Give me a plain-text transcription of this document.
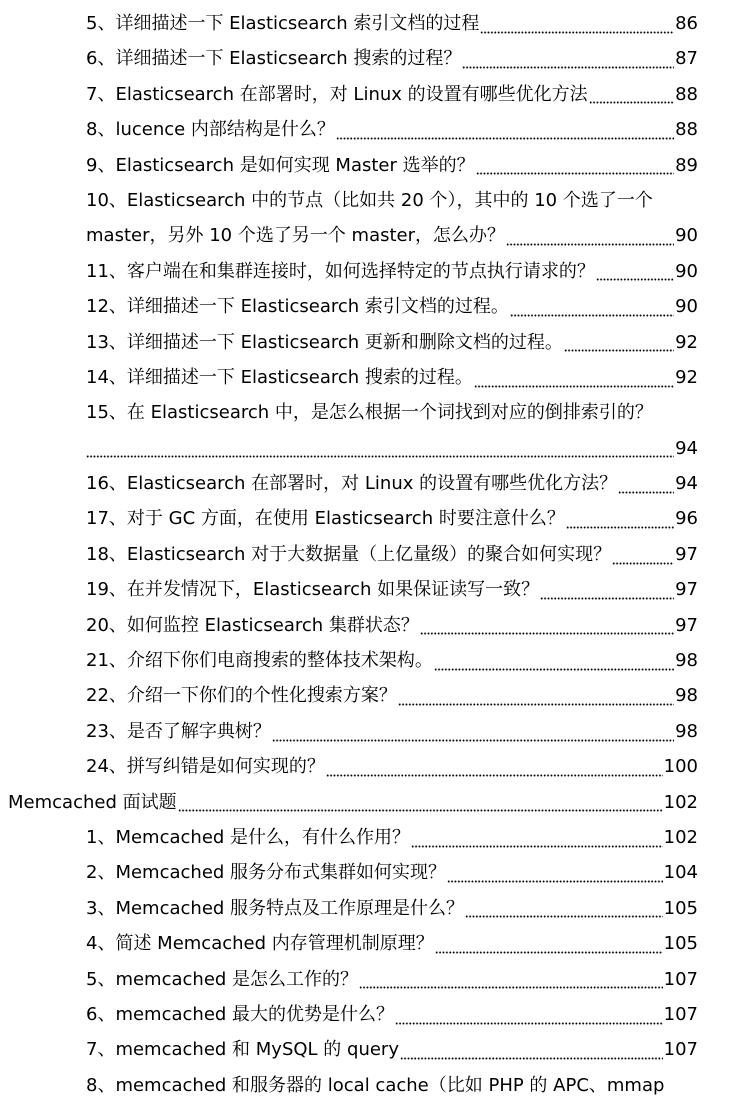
5、详细描述一下 Elasticsearch 索引文档的过程	86
6、详细描述一下 Elasticsearch 搜索的过程？	87
7、Elasticsearch 在部署时，对 Linux 的设置有哪些优化方法	88
8、lucence 内部结构是什么？	88
9、Elasticsearch 是如何实现 Master 选举的？	89
10、Elasticsearch 中的节点（比如共 20 个），其中的 10 个选了一个
master，另外 10 个选了另一个 master，怎么办？	90
11、客户端在和集群连接时，如何选择特定的节点执行请求的？	90
12、详细描述一下 Elasticsearch 索引文档的过程。	90
13、详细描述一下 Elasticsearch 更新和删除文档的过程。	92
14、详细描述一下 Elasticsearch 搜索的过程。	92
15、在 Elasticsearch 中，是怎么根据一个词找到对应的倒排索引的？
94
16、Elasticsearch 在部署时，对 Linux 的设置有哪些优化方法？	94
17、对于 GC 方面，在使用 Elasticsearch 时要注意什么？	96
18、Elasticsearch 对于大数据量（上亿量级）的聚合如何实现？	97
19、在并发情况下，Elasticsearch 如果保证读写一致？	97
20、如何监控 Elasticsearch 集群状态？	97
21、介绍下你们电商搜索的整体技术架构。	98
22、介绍一下你们的个性化搜索方案？	98
23、是否了解字典树？	98
24、拼写纠错是如何实现的？	100
Memcached 面试题	102
1、Memcached 是什么，有什么作用？	102
2、Memcached 服务分布式集群如何实现？	104
3、Memcached 服务特点及工作原理是什么？	105
4、简述 Memcached 内存管理机制原理？	105
5、memcached 是怎么工作的？	107
6、memcached 最大的优势是什么？	107
7、memcached 和 MySQL 的 query	107
8、memcached 和服务器的 local cache（比如 PHP 的 APC、mmap
